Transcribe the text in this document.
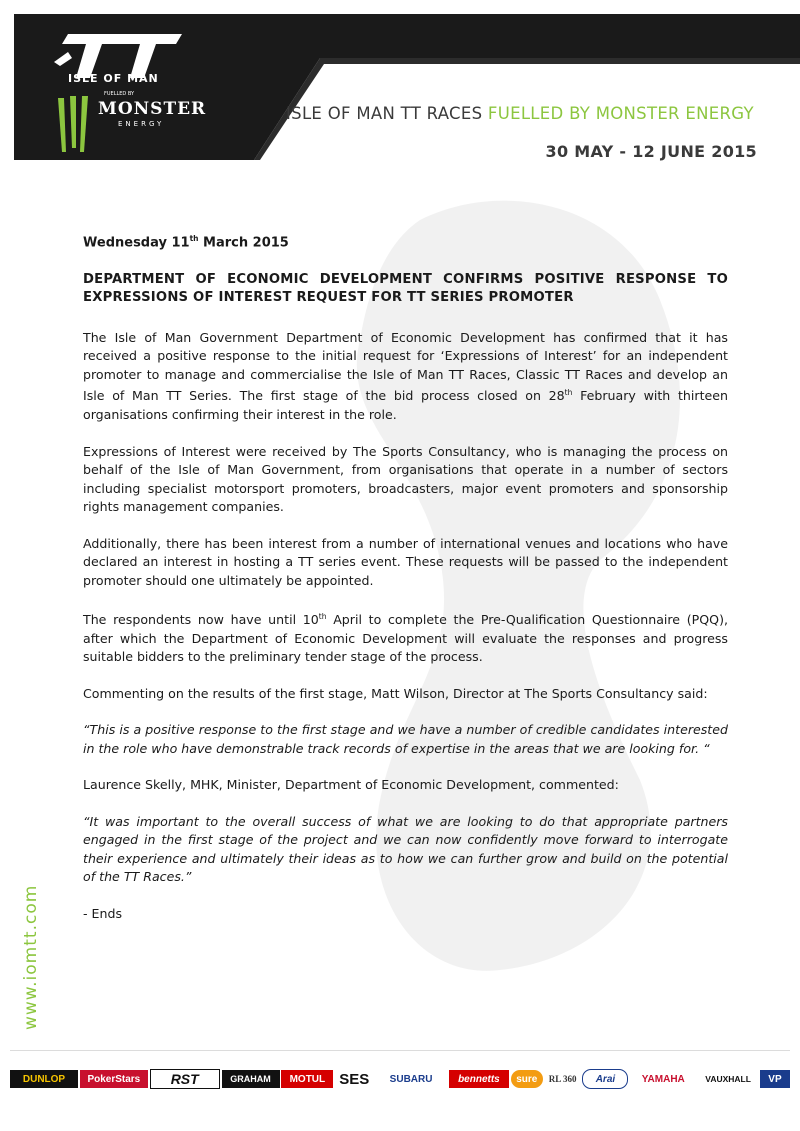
ISLE OF MAN
FUELLED BY
MONSTER
ENERGY
ISLE OF MAN TT RACES FUELLED BY MONSTER ENERGY
30 MAY - 12 JUNE 2015
www.iomtt.com
Wednesday 11th March 2015
DEPARTMENT OF ECONOMIC DEVELOPMENT CONFIRMS POSITIVE RESPONSE TO EXPRESSIONS OF INTEREST REQUEST FOR TT SERIES PROMOTER

The Isle of Man Government Department of Economic Development has confirmed that it has received a positive response to the initial request for ‘Expressions of Interest’ for an independent promoter to manage and commercialise the Isle of Man TT Races, Classic TT Races and develop an Isle of Man TT Series. The first stage of the bid process closed on 28th February with thirteen organisations confirming their interest in the role.

Expressions of Interest were received by The Sports Consultancy, who is managing the process on behalf of the Isle of Man Government, from organisations that operate in a number of sectors including specialist motorsport promoters, broadcasters, major event promoters and sponsorship rights management companies.

Additionally, there has been interest from a number of international venues and locations who have declared an interest in hosting a TT series event. These requests will be passed to the independent promoter should one ultimately be appointed.

The respondents now have until 10th April to complete the Pre-Qualification Questionnaire (PQQ), after which the Department of Economic Development will evaluate the responses and progress suitable bidders to the preliminary tender stage of the process.

Commenting on the results of the first stage, Matt Wilson, Director at The Sports Consultancy said:

“This is a positive response to the first stage and we have a number of credible candidates interested in the role who have demonstrable track records of expertise in the areas that we are looking for. “

Laurence Skelly, MHK, Minister, Department of Economic Development, commented:

“It was important to the overall success of what we are looking to do that appropriate partners engaged in the first stage of the project and we can now confidently move forward to interrogate their experience and ultimately their ideas as to how we can further grow and build on the potential of the TT Races.”

- Ends

DUNLOP	PokerStars	RST	GRAHAM	MOTUL SES	SUBARU	bennetts	sure	RL 360	Arai	YAMAHA	VAUXHALL	VP
